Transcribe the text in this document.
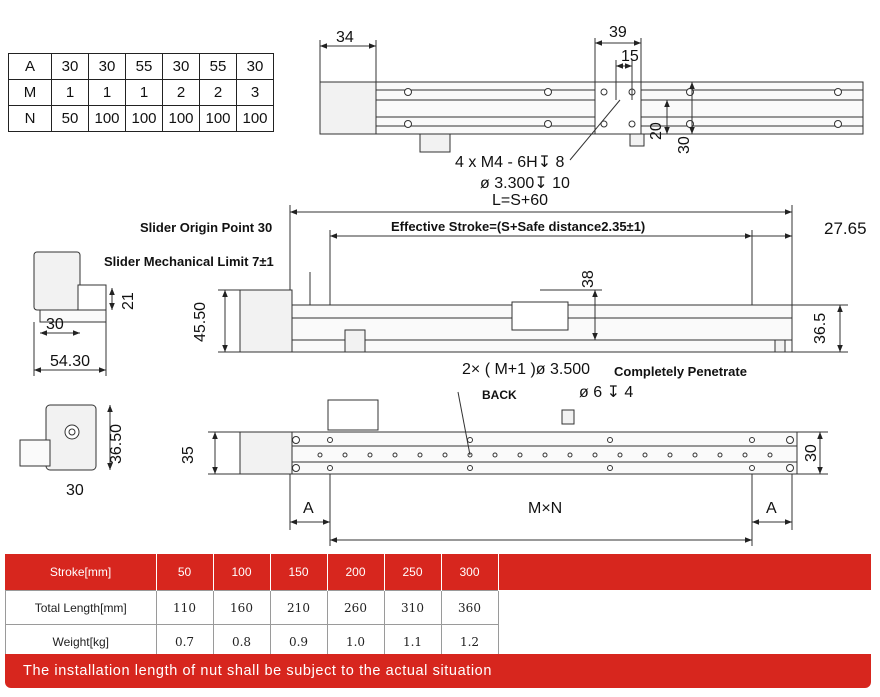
A	30	30	55	30	55	30
M	1	1	1	2	2	3
N	50	100	100	100	100	100
34	39
15
20
30
4 x M4 - 6H↧ 8
ø 3.300↧ 10
L=S+60
Slider Origin Point 30	Effective Stroke=(S+Safe distance2.35±1)	27.65
Slider Mechanical Limit 7±1
38
21
45.50	36.5
30
54.30	2× ( M+1 )ø 3.500 Completely Penetrate
BACK	ø 6 ↧ 4
36.50	35	30
30
A	M×N	A
Stroke[mm]	50	100	150	200	250	300
Total Length[mm]	110	160	210	260	310	360
Weight[kg]	0.7	0.8	0.9	1.0	1.1	1.2
The installation length of nut shall be subject to the actual situation
